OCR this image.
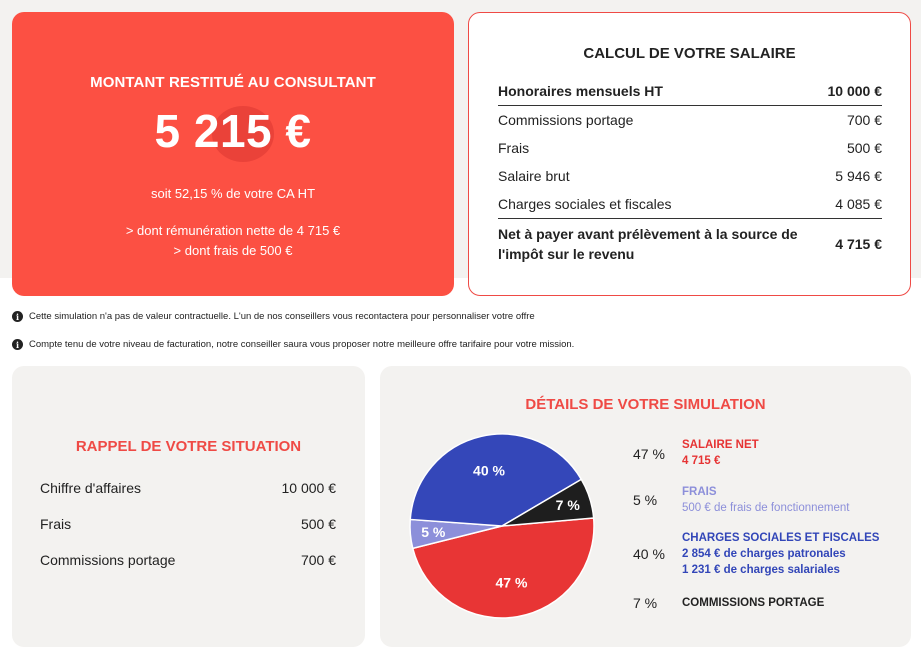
MONTANT RESTITUÉ AU CONSULTANT
5 215 €
soit 52,15 % de votre CA HT
> dont rémunération nette de 4 715 €
> dont frais de 500 €
CALCUL DE VOTRE SALAIRE
Honoraires mensuels HT	10 000 €
Commissions portage	700 €
Frais	500 €
Salaire brut	5 946 €
Charges sociales et fiscales	4 085 €
Net à payer avant prélèvement à la source de l'impôt sur le revenu
4 715 €
i	Cette simulation n'a pas de valeur contractuelle. L'un de nos conseillers vous recontactera pour personnaliser votre offre
i	Compte tenu de votre niveau de facturation, notre conseiller saura vous proposer notre meilleure offre tarifaire pour votre mission.
RAPPEL DE VOTRE SITUATION
Chiffre d'affaires	10 000 €
Frais	500 €
Commissions portage	700 €
DÉTAILS DE VOTRE SIMULATION
47 %
5 %
40 %
7 %
47 %
SALAIRE NET
4 715 €
5 %	FRAIS
500 € de frais de fonctionnement
40 %
CHARGES SOCIALES ET FISCALES
2 854 € de charges patronales
1 231 € de charges salariales
7 %	COMMISSIONS PORTAGE
